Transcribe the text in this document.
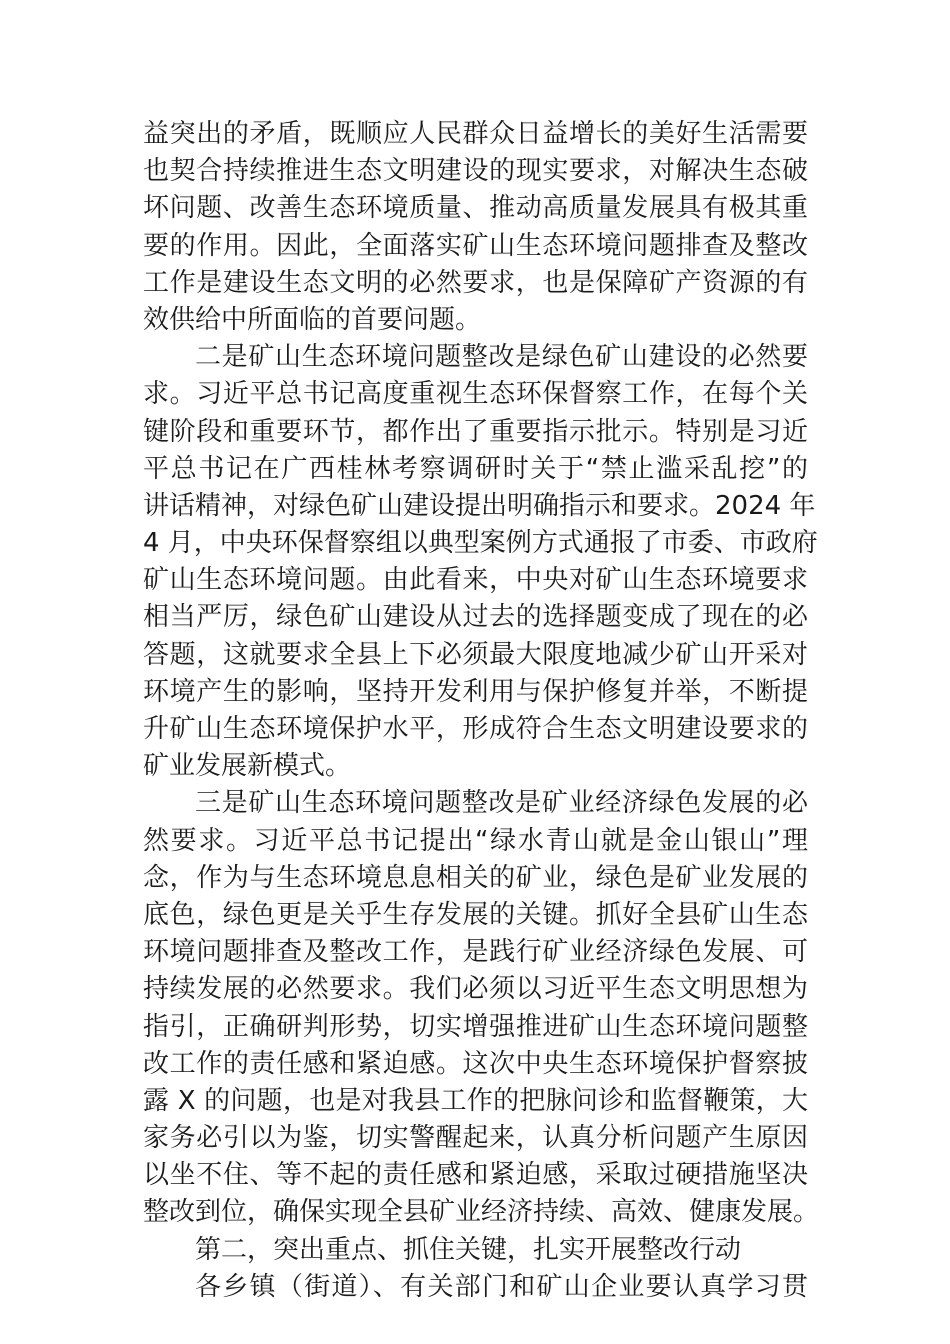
益突出的矛盾，既顺应人民群众日益增长的美好生活需要
也契合持续推进生态文明建设的现实要求，对解决生态破
坏问题、改善生态环境质量、推动高质量发展具有极其重
要的作用。因此，全面落实矿山生态环境问题排查及整改
工作是建设生态文明的必然要求，也是保障矿产资源的有
效供给中所面临的首要问题。
二是矿山生态环境问题整改是绿色矿山建设的必然要
求。习近平总书记高度重视生态环保督察工作，在每个关
键阶段和重要环节，都作出了重要指示批示。特别是习近
平总书记在广西桂林考察调研时关于“禁止滥采乱挖”的
讲话精神，对绿色矿山建设提出明确指示和要求。2024 年
4 月，中央环保督察组以典型案例方式通报了市委、市政府
矿山生态环境问题。由此看来，中央对矿山生态环境要求
相当严厉，绿色矿山建设从过去的选择题变成了现在的必
答题，这就要求全县上下必须最大限度地减少矿山开采对
环境产生的影响，坚持开发利用与保护修复并举，不断提
升矿山生态环境保护水平，形成符合生态文明建设要求的
矿业发展新模式。
三是矿山生态环境问题整改是矿业经济绿色发展的必
然要求。习近平总书记提出“绿水青山就是金山银山”理
念，作为与生态环境息息相关的矿业，绿色是矿业发展的
底色，绿色更是关乎生存发展的关键。抓好全县矿山生态
环境问题排查及整改工作，是践行矿业经济绿色发展、可
持续发展的必然要求。我们必须以习近平生态文明思想为
指引，正确研判形势，切实增强推进矿山生态环境问题整
改工作的责任感和紧迫感。这次中央生态环境保护督察披
露 X 的问题，也是对我县工作的把脉问诊和监督鞭策，大
家务必引以为鉴，切实警醒起来，认真分析问题产生原因
以坐不住、等不起的责任感和紧迫感，采取过硬措施坚决
整改到位，确保实现全县矿业经济持续、高效、健康发展。
第二，突出重点、抓住关键，扎实开展整改行动
各乡镇（街道）、有关部门和矿山企业要认真学习贯
